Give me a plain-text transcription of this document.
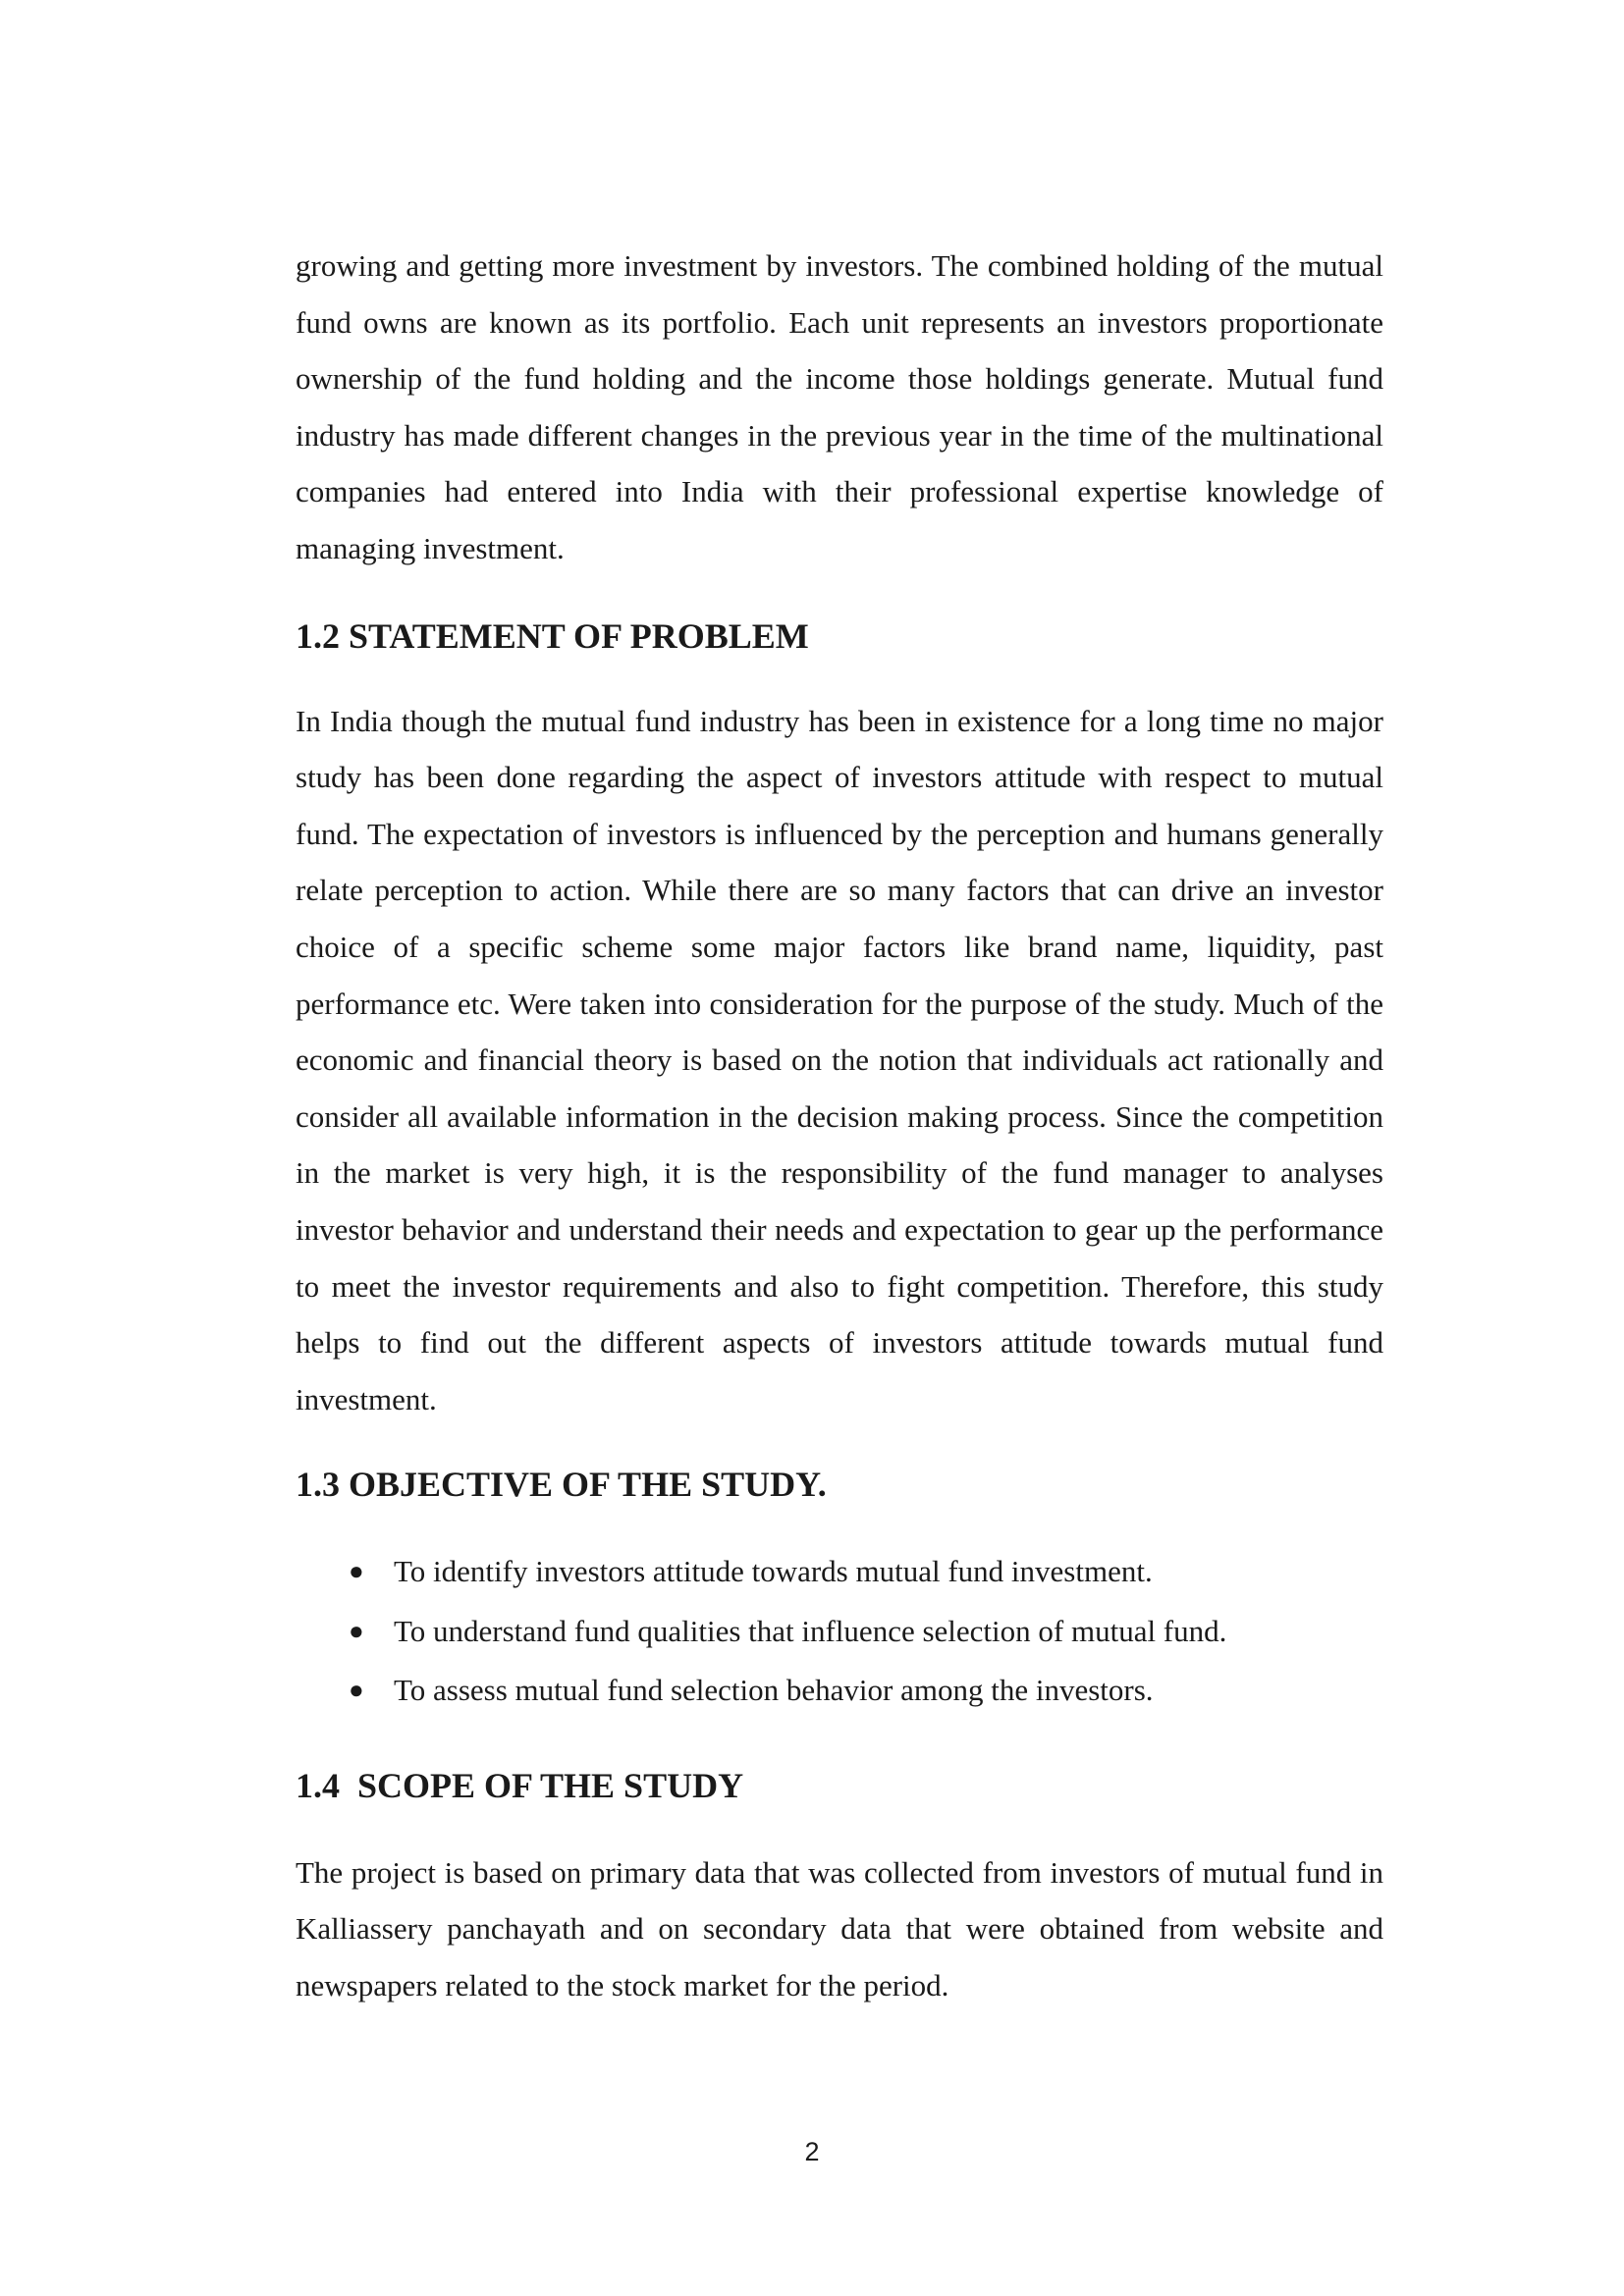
growing and getting more investment by investors. The combined holding of the mutual fund owns are known as its portfolio. Each unit represents an investors proportionate ownership of the fund holding and the income those holdings generate. Mutual fund industry has made different changes in the previous year in the time of the multinational companies had entered into India with their professional expertise knowledge of managing investment.

1.2 STATEMENT OF PROBLEM

In India though the mutual fund industry has been in existence for a long time no major study has been done regarding the aspect of investors attitude with respect to mutual fund. The expectation of investors is influenced by the perception and humans generally relate perception to action. While there are so many factors that can drive an investor choice of a specific scheme some major factors like brand name, liquidity, past performance etc. Were taken into consideration for the purpose of the study. Much of the economic and financial theory is based on the notion that individuals act rationally and consider all available information in the decision making process. Since the competition in the market is very high, it is the responsibility of the fund manager to analyses investor behavior and understand their needs and expectation to gear up the performance to meet the investor requirements and also to fight competition. Therefore, this study helps to find out the different aspects of investors attitude towards mutual fund investment.

1.3 OBJECTIVE OF THE STUDY.
● To identify investors attitude towards mutual fund investment.
● To understand fund qualities that influence selection of mutual fund.
● To assess mutual fund selection behavior among the investors.
1.4  SCOPE OF THE STUDY

The project is based on primary data that was collected from investors of mutual fund in Kalliassery panchayath and on secondary data that were obtained from website and newspapers related to the stock market for the period.

2
